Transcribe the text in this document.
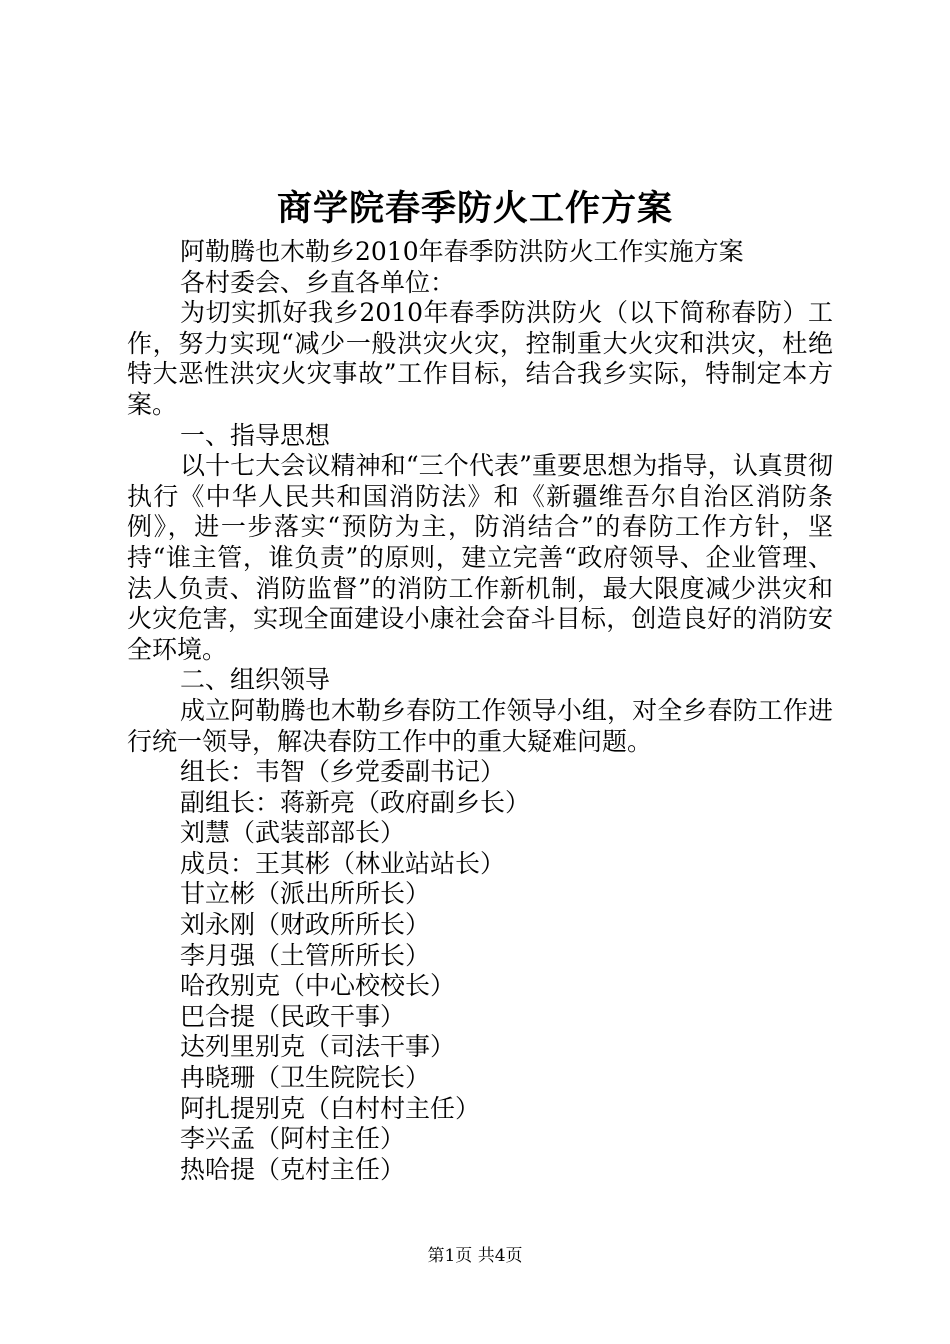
商学院春季防火工作方案

阿勒腾也木勒乡2010年春季防洪防火工作实施方案

各村委会、乡直各单位：

为切实抓好我乡2010年春季防洪防火（以下简称春防）工作，努力实现“减少一般洪灾火灾，控制重大火灾和洪灾，杜绝特大恶性洪灾火灾事故”工作目标，结合我乡实际，特制定本方案。

一、指导思想

以十七大会议精神和“三个代表”重要思想为指导，认真贯彻执行《中华人民共和国消防法》和《新疆维吾尔自治区消防条例》，进一步落实“预防为主，防消结合”的春防工作方针，坚持“谁主管，谁负责”的原则，建立完善“政府领导、企业管理、法人负责、消防监督”的消防工作新机制，最大限度减少洪灾和火灾危害，实现全面建设小康社会奋斗目标，创造良好的消防安全环境。

二、组织领导

成立阿勒腾也木勒乡春防工作领导小组，对全乡春防工作进行统一领导，解决春防工作中的重大疑难问题。

组长：韦智（乡党委副书记）

副组长：蒋新亮（政府副乡长）

刘慧（武装部部长）

成员：王其彬（林业站站长）

甘立彬（派出所所长）

刘永刚（财政所所长）

李月强（土管所所长）

哈孜别克（中心校校长）

巴合提（民政干事）

达列里别克（司法干事）

冉晓珊（卫生院院长）

阿扎提别克（白村村主任）

李兴孟（阿村主任）

热哈提（克村主任）

第1页 共4页
